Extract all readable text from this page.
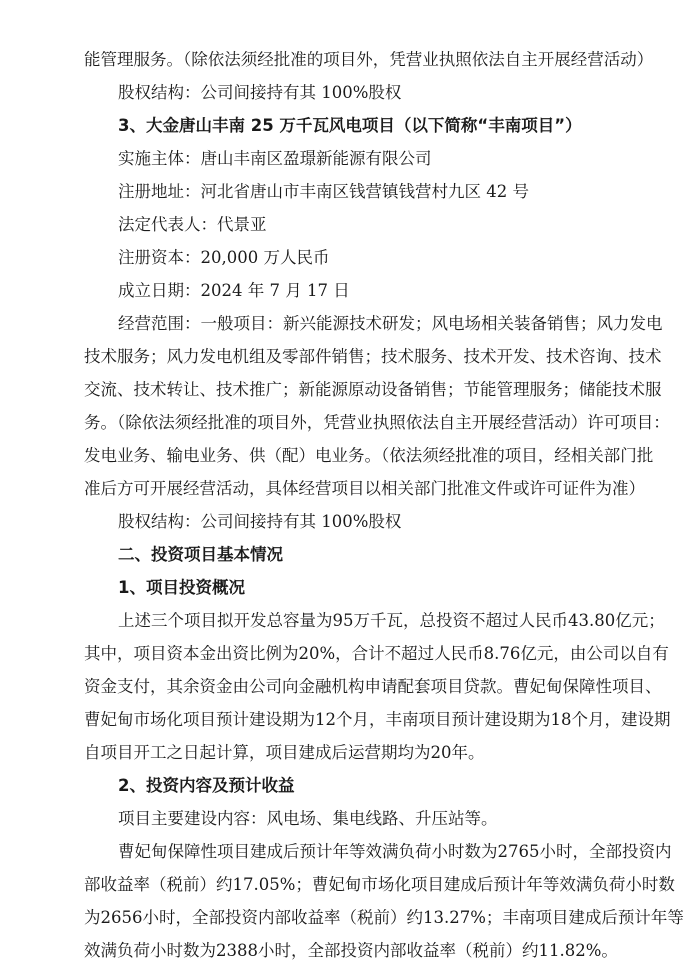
能管理服务。（除依法须经批准的项目外，凭营业执照依法自主开展经营活动）
股权结构：公司间接持有其 100%股权
3、大金唐山丰南 25 万千瓦风电项目（以下简称“丰南项目”）
实施主体：唐山丰南区盈璟新能源有限公司
注册地址：河北省唐山市丰南区钱营镇钱营村九区 42 号
法定代表人：代景亚
注册资本：20,000 万人民币
成立日期：2024 年 7 月 17 日
经营范围：一般项目：新兴能源技术研发；风电场相关装备销售；风力发电
技术服务；风力发电机组及零部件销售；技术服务、技术开发、技术咨询、技术
交流、技术转让、技术推广；新能源原动设备销售；节能管理服务；储能技术服
务。（除依法须经批准的项目外，凭营业执照依法自主开展经营活动）许可项目：
发电业务、输电业务、供（配）电业务。（依法须经批准的项目，经相关部门批
准后方可开展经营活动，具体经营项目以相关部门批准文件或许可证件为准）
股权结构：公司间接持有其 100%股权
二、投资项目基本情况
1、项目投资概况
上述三个项目拟开发总容量为95万千瓦，总投资不超过人民币43.80亿元；
其中，项目资本金出资比例为20%，合计不超过人民币8.76亿元，由公司以自有
资金支付，其余资金由公司向金融机构申请配套项目贷款。曹妃甸保障性项目、
曹妃甸市场化项目预计建设期为12个月，丰南项目预计建设期为18个月，建设期
自项目开工之日起计算，项目建成后运营期均为20年。
2、投资内容及预计收益
项目主要建设内容：风电场、集电线路、升压站等。
曹妃甸保障性项目建成后预计年等效满负荷小时数为2765小时，全部投资内
部收益率（税前）约17.05%；曹妃甸市场化项目建成后预计年等效满负荷小时数
为2656小时，全部投资内部收益率（税前）约13.27%；丰南项目建成后预计年等
效满负荷小时数为2388小时，全部投资内部收益率（税前）约11.82%。
